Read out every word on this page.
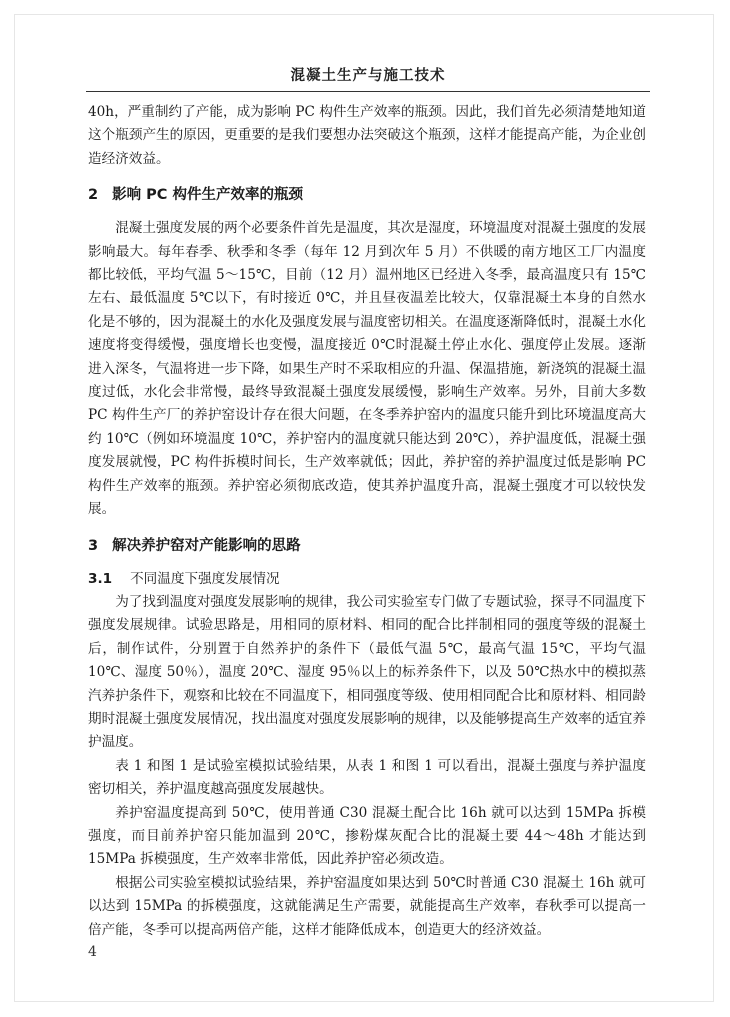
混凝土生产与施工技术

40h，严重制约了产能，成为影响 PC 构件生产效率的瓶颈。因此，我们首先必须清楚地知道这个瓶颈产生的原因，更重要的是我们要想办法突破这个瓶颈，这样才能提高产能，为企业创造经济效益。

2 影响 PC 构件生产效率的瓶颈

混凝土强度发展的两个必要条件首先是温度，其次是湿度，环境温度对混凝土强度的发展影响最大。每年春季、秋季和冬季（每年 12 月到次年 5 月）不供暖的南方地区工厂内温度都比较低，平均气温 5～15℃，目前（12 月）温州地区已经进入冬季，最高温度只有 15℃左右、最低温度 5℃以下，有时接近 0℃，并且昼夜温差比较大，仅靠混凝土本身的自然水化是不够的，因为混凝土的水化及强度发展与温度密切相关。在温度逐渐降低时，混凝土水化速度将变得缓慢，强度增长也变慢，温度接近 0℃时混凝土停止水化、强度停止发展。逐渐进入深冬，气温将进一步下降，如果生产时不采取相应的升温、保温措施，新浇筑的混凝土温度过低，水化会非常慢，最终导致混凝土强度发展缓慢，影响生产效率。另外，目前大多数 PC 构件生产厂的养护窑设计存在很大问题，在冬季养护窑内的温度只能升到比环境温度高大约 10℃（例如环境温度 10℃，养护窑内的温度就只能达到 20℃），养护温度低，混凝土强度发展就慢，PC 构件拆模时间长，生产效率就低；因此，养护窑的养护温度过低是影响 PC 构件生产效率的瓶颈。养护窑必须彻底改造，使其养护温度升高，混凝土强度才可以较快发展。

3 解决养护窑对产能影响的思路
3.1 不同温度下强度发展情况

为了找到温度对强度发展影响的规律，我公司实验室专门做了专题试验，探寻不同温度下强度发展规律。试验思路是，用相同的原材料、相同的配合比拌制相同的强度等级的混凝土后，制作试件，分别置于自然养护的条件下（最低气温 5℃，最高气温 15℃，平均气温 10℃、湿度 50％），温度 20℃、湿度 95％以上的标养条件下，以及 50℃热水中的模拟蒸汽养护条件下，观察和比较在不同温度下，相同强度等级、使用相同配合比和原材料、相同龄期时混凝土强度发展情况，找出温度对强度发展影响的规律，以及能够提高生产效率的适宜养护温度。

表 1 和图 1 是试验室模拟试验结果，从表 1 和图 1 可以看出，混凝土强度与养护温度密切相关，养护温度越高强度发展越快。

养护窑温度提高到 50℃，使用普通 C30 混凝土配合比 16h 就可以达到 15MPa 拆模强度，而目前养护窑只能加温到 20℃，掺粉煤灰配合比的混凝土要 44～48h 才能达到 15MPa 拆模强度，生产效率非常低，因此养护窑必须改造。

根据公司实验室模拟试验结果，养护窑温度如果达到 50℃时普通 C30 混凝土 16h 就可以达到 15MPa 的拆模强度，这就能满足生产需要，就能提高生产效率，春秋季可以提高一倍产能，冬季可以提高两倍产能，这样才能降低成本，创造更大的经济效益。

4
